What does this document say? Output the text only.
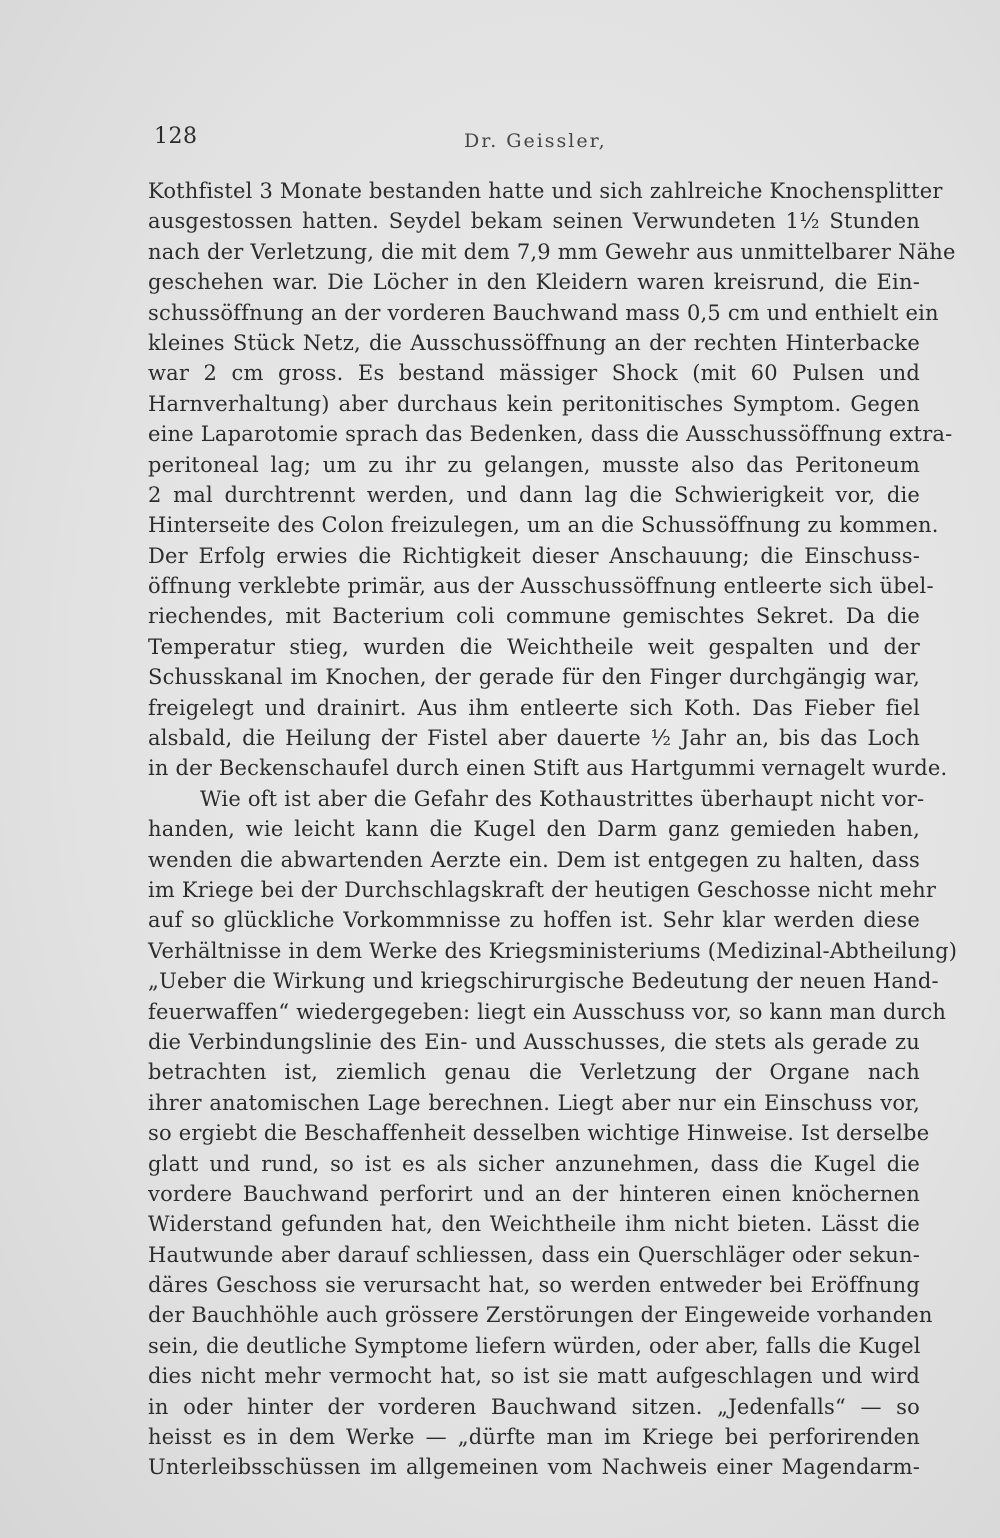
128	Dr. Geissler,
Kothfistel 3 Monate bestanden hatte und sich zahlreiche Knochensplitter
ausgestossen hatten. Seydel bekam seinen Verwundeten 1½ Stunden
nach der Verletzung, die mit dem 7,9 mm Gewehr aus unmittelbarer Nähe
geschehen war. Die Löcher in den Kleidern waren kreisrund, die Ein-
schussöffnung an der vorderen Bauchwand mass 0,5 cm und enthielt ein
kleines Stück Netz, die Ausschussöffnung an der rechten Hinterbacke
war 2 cm gross. Es bestand mässiger Shock (mit 60 Pulsen und
Harnverhaltung) aber durchaus kein peritonitisches Symptom. Gegen
eine Laparotomie sprach das Bedenken, dass die Ausschussöffnung extra-
peritoneal lag; um zu ihr zu gelangen, musste also das Peritoneum
2 mal durchtrennt werden, und dann lag die Schwierigkeit vor, die
Hinterseite des Colon freizulegen, um an die Schussöffnung zu kommen.
Der Erfolg erwies die Richtigkeit dieser Anschauung; die Einschuss-
öffnung verklebte primär, aus der Ausschussöffnung entleerte sich übel-
riechendes, mit Bacterium coli commune gemischtes Sekret. Da die
Temperatur stieg, wurden die Weichtheile weit gespalten und der
Schusskanal im Knochen, der gerade für den Finger durchgängig war,
freigelegt und drainirt. Aus ihm entleerte sich Koth. Das Fieber fiel
alsbald, die Heilung der Fistel aber dauerte ½ Jahr an, bis das Loch
in der Beckenschaufel durch einen Stift aus Hartgummi vernagelt wurde.
Wie oft ist aber die Gefahr des Kothaustrittes überhaupt nicht vor-
handen, wie leicht kann die Kugel den Darm ganz gemieden haben,
wenden die abwartenden Aerzte ein. Dem ist entgegen zu halten, dass
im Kriege bei der Durchschlagskraft der heutigen Geschosse nicht mehr
auf so glückliche Vorkommnisse zu hoffen ist. Sehr klar werden diese
Verhältnisse in dem Werke des Kriegsministeriums (Medizinal-Abtheilung)
„Ueber die Wirkung und kriegschirurgische Bedeutung der neuen Hand-
feuerwaffen“ wiedergegeben: liegt ein Ausschuss vor, so kann man durch
die Verbindungslinie des Ein- und Ausschusses, die stets als gerade zu
betrachten ist, ziemlich genau die Verletzung der Organe nach
ihrer anatomischen Lage berechnen. Liegt aber nur ein Einschuss vor,
so ergiebt die Beschaffenheit desselben wichtige Hinweise. Ist derselbe
glatt und rund, so ist es als sicher anzunehmen, dass die Kugel die
vordere Bauchwand perforirt und an der hinteren einen knöchernen
Widerstand gefunden hat, den Weichtheile ihm nicht bieten. Lässt die
Hautwunde aber darauf schliessen, dass ein Querschläger oder sekun-
däres Geschoss sie verursacht hat, so werden entweder bei Eröffnung
der Bauchhöhle auch grössere Zerstörungen der Eingeweide vorhanden
sein, die deutliche Symptome liefern würden, oder aber, falls die Kugel
dies nicht mehr vermocht hat, so ist sie matt aufgeschlagen und wird
in oder hinter der vorderen Bauchwand sitzen. „Jedenfalls“ — so
heisst es in dem Werke — „dürfte man im Kriege bei perforirenden
Unterleibsschüssen im allgemeinen vom Nachweis einer Magendarm-
